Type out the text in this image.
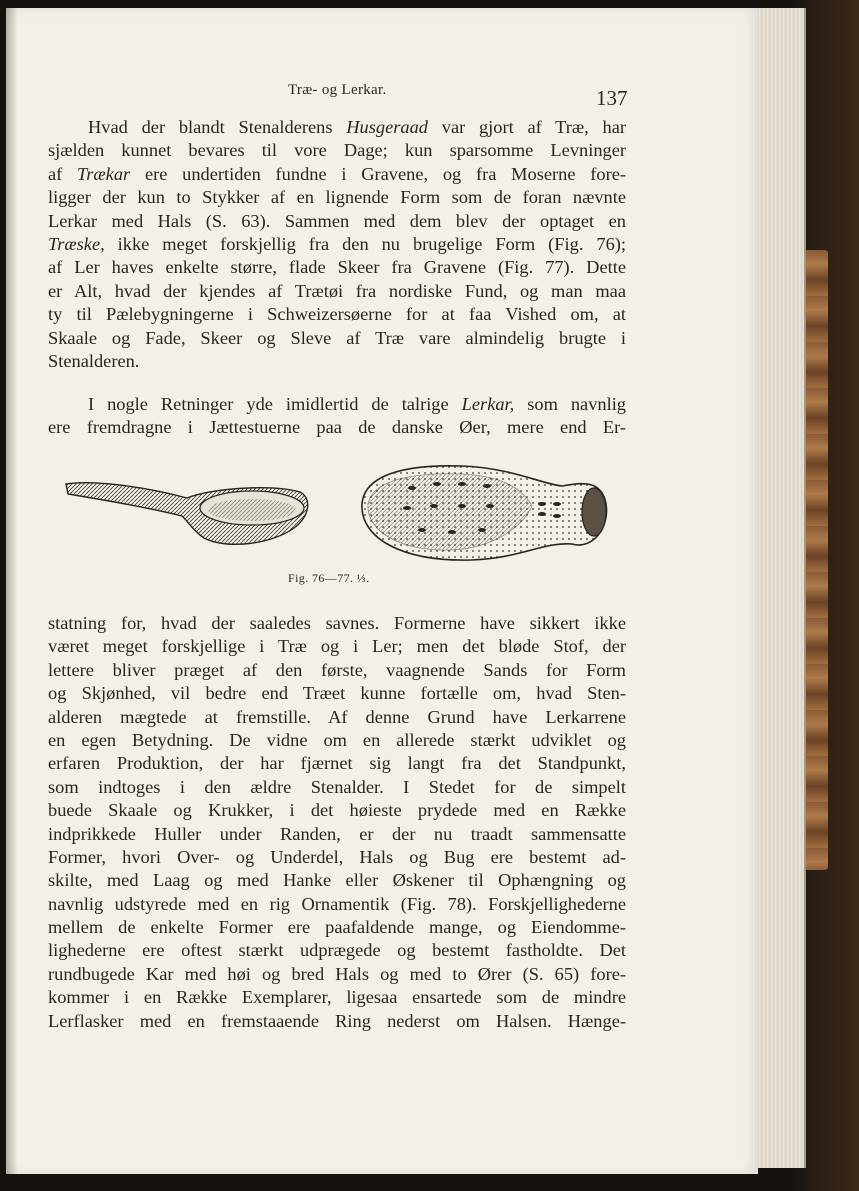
Træ- og Lerkar.	137
Hvad der blandt Stenalderens Husgeraad var gjort af Træ, har
sjælden kunnet bevares til vore Dage; kun sparsomme Levninger
af Trækar ere undertiden fundne i Gravene, og fra Moserne fore-
ligger der kun to Stykker af en lignende Form som de foran nævnte
Lerkar med Hals (S. 63). Sammen med dem blev der optaget en
Træske, ikke meget forskjellig fra den nu brugelige Form (Fig. 76);
af Ler haves enkelte større, flade Skeer fra Gravene (Fig. 77). Dette
er Alt, hvad der kjendes af Trætøi fra nordiske Fund, og man maa
ty til Pælebygningerne i Schweizersøerne for at faa Vished om, at
Skaale og Fade, Skeer og Sleve af Træ vare almindelig brugte i
Stenalderen.
I nogle Retninger yde imidlertid de talrige Lerkar, som navnlig
ere fremdragne i Jættestuerne paa de danske Øer, mere end Er-
Fig. 76—77. ⅓.
statning for, hvad der saaledes savnes. Formerne have sikkert ikke
været meget forskjellige i Træ og i Ler; men det bløde Stof, der
lettere bliver præget af den første, vaagnende Sands for Form
og Skjønhed, vil bedre end Træet kunne fortælle om, hvad Sten-
alderen mægtede at fremstille. Af denne Grund have Lerkarrene
en egen Betydning. De vidne om en allerede stærkt udviklet og
erfaren Produktion, der har fjærnet sig langt fra det Standpunkt,
som indtoges i den ældre Stenalder. I Stedet for de simpelt
buede Skaale og Krukker, i det høieste prydede med en Række
indprikkede Huller under Randen, er der nu traadt sammensatte
Former, hvori Over- og Underdel, Hals og Bug ere bestemt ad-
skilte, med Laag og med Hanke eller Øskener til Ophængning og
navnlig udstyrede med en rig Ornamentik (Fig. 78). Forskjellighederne
mellem de enkelte Former ere paafaldende mange, og Eiendomme-
lighederne ere oftest stærkt udprægede og bestemt fastholdte. Det
rundbugede Kar med høi og bred Hals og med to Ører (S. 65) fore-
kommer i en Række Exemplarer, ligesaa ensartede som de mindre
Lerflasker med en fremstaaende Ring nederst om Halsen. Hænge-
